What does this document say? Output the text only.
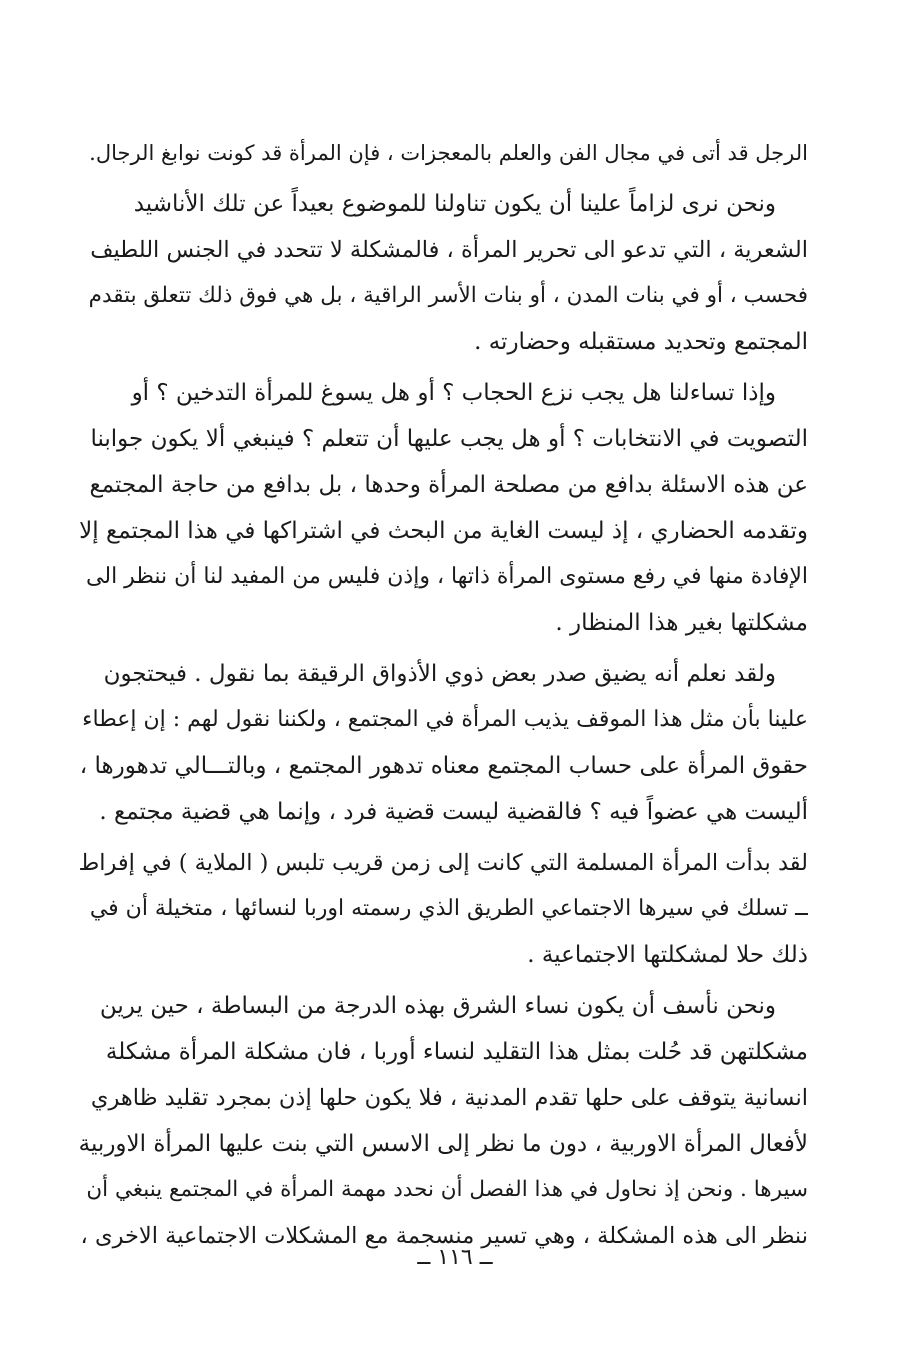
الرجل قد أتى في مجال الفن والعلم بالمعجزات ، فإن المرأة قد كونت نوابغ الرجال.
ونحن نرى لزاماً علينا أن يكون تناولنا للموضوع بعيداً عن تلك الأناشيد
الشعرية ، التي تدعو الى تحرير المرأة ، فالمشكلة لا تتحدد في الجنس اللطيف
فحسب ، أو في بنات المدن ، أو بنات الأسر الراقية ، بل هي فوق ذلك تتعلق بتقدم
المجتمع وتحديد مستقبله وحضارته .
وإذا تساءلنا هل يجب نزع الحجاب ؟ أو هل يسوغ للمرأة التدخين ؟ أو
التصويت في الانتخابات ؟ أو هل يجب عليها أن تتعلم ؟ فينبغي ألا يكون جوابنا
عن هذه الاسئلة بدافع من مصلحة المرأة وحدها ، بل بدافع من حاجة المجتمع
وتقدمه الحضاري ، إذ ليست الغاية من البحث في اشتراكها في هذا المجتمع إلا
الإفادة منها في رفع مستوى المرأة ذاتها ، وإذن فليس من المفيد لنا أن ننظر الى
مشكلتها بغير هذا المنظار .
ولقد نعلم أنه يضيق صدر بعض ذوي الأذواق الرقيقة بما نقول . فيحتجون
علينا بأن مثل هذا الموقف يذيب المرأة في المجتمع ، ولكننا نقول لهم : إن إعطاء
حقوق المرأة على حساب المجتمع معناه تدهور المجتمع ، وبالتـــالي تدهورها ،
أليست هي عضواً فيه ؟ فالقضية ليست قضية فرد ، وإنما هي قضية مجتمع .
لقد بدأت المرأة المسلمة التي كانت إلى زمن قريب تلبس ( الملاية ) في إفراط
ــ تسلك في سيرها الاجتماعي الطريق الذي رسمته اوربا لنسائها ، متخيلة أن في
ذلك حلا لمشكلتها الاجتماعية .
ونحن نأسف أن يكون نساء الشرق بهذه الدرجة من البساطة ، حين يرين
مشكلتهن قد حُلت بمثل هذا التقليد لنساء أوربا ، فان مشكلة المرأة مشكلة
انسانية يتوقف على حلها تقدم المدنية ، فلا يكون حلها إذن بمجرد تقليد ظاهري
لأفعال المرأة الاوربية ، دون ما نظر إلى الاسس التي بنت عليها المرأة الاوربية
سيرها . ونحن إذ نحاول في هذا الفصل أن نحدد مهمة المرأة في المجتمع ينبغي أن
ننظر الى هذه المشكلة ، وهي تسير منسجمة مع المشكلات الاجتماعية الاخرى ،
ــ ١١٦ ــ
